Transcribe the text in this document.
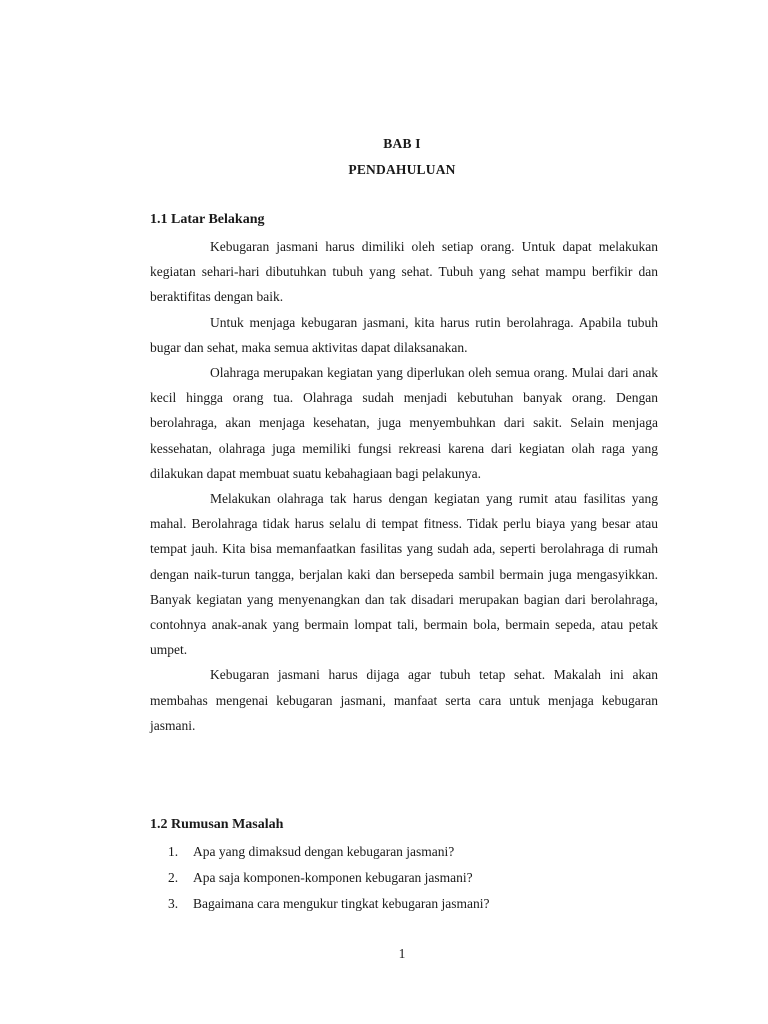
BAB I
PENDAHULUAN
1.1 Latar Belakang

Kebugaran jasmani harus dimiliki oleh setiap orang. Untuk dapat melakukan kegiatan sehari-hari dibutuhkan tubuh yang sehat. Tubuh yang sehat mampu berfikir dan beraktifitas dengan baik.

Untuk menjaga kebugaran jasmani, kita harus rutin berolahraga. Apabila tubuh bugar dan sehat, maka semua aktivitas dapat dilaksanakan.

Olahraga merupakan kegiatan yang diperlukan oleh semua orang. Mulai dari anak kecil hingga orang tua. Olahraga sudah menjadi kebutuhan banyak orang. Dengan berolahraga, akan menjaga kesehatan, juga menyembuhkan dari sakit. Selain menjaga kessehatan, olahraga juga memiliki fungsi rekreasi karena dari kegiatan olah raga yang dilakukan dapat membuat suatu kebahagiaan bagi pelakunya.

Melakukan olahraga tak harus dengan kegiatan yang rumit atau fasilitas yang mahal. Berolahraga tidak harus selalu di tempat fitness. Tidak perlu biaya yang besar atau tempat jauh. Kita bisa memanfaatkan fasilitas yang sudah ada, seperti berolahraga di rumah dengan naik-turun tangga, berjalan kaki dan bersepeda sambil bermain juga mengasyikkan. Banyak kegiatan yang menyenangkan dan tak disadari merupakan bagian dari berolahraga, contohnya anak-anak yang bermain lompat tali, bermain bola, bermain sepeda, atau petak umpet.

Kebugaran jasmani harus dijaga agar tubuh tetap sehat. Makalah ini akan membahas mengenai kebugaran jasmani, manfaat serta cara untuk menjaga kebugaran jasmani.

1.2 Rumusan Masalah
1.	Apa yang dimaksud dengan kebugaran jasmani?
2.	Apa saja komponen-komponen kebugaran jasmani?
3.	Bagaimana cara mengukur tingkat kebugaran jasmani?
1
